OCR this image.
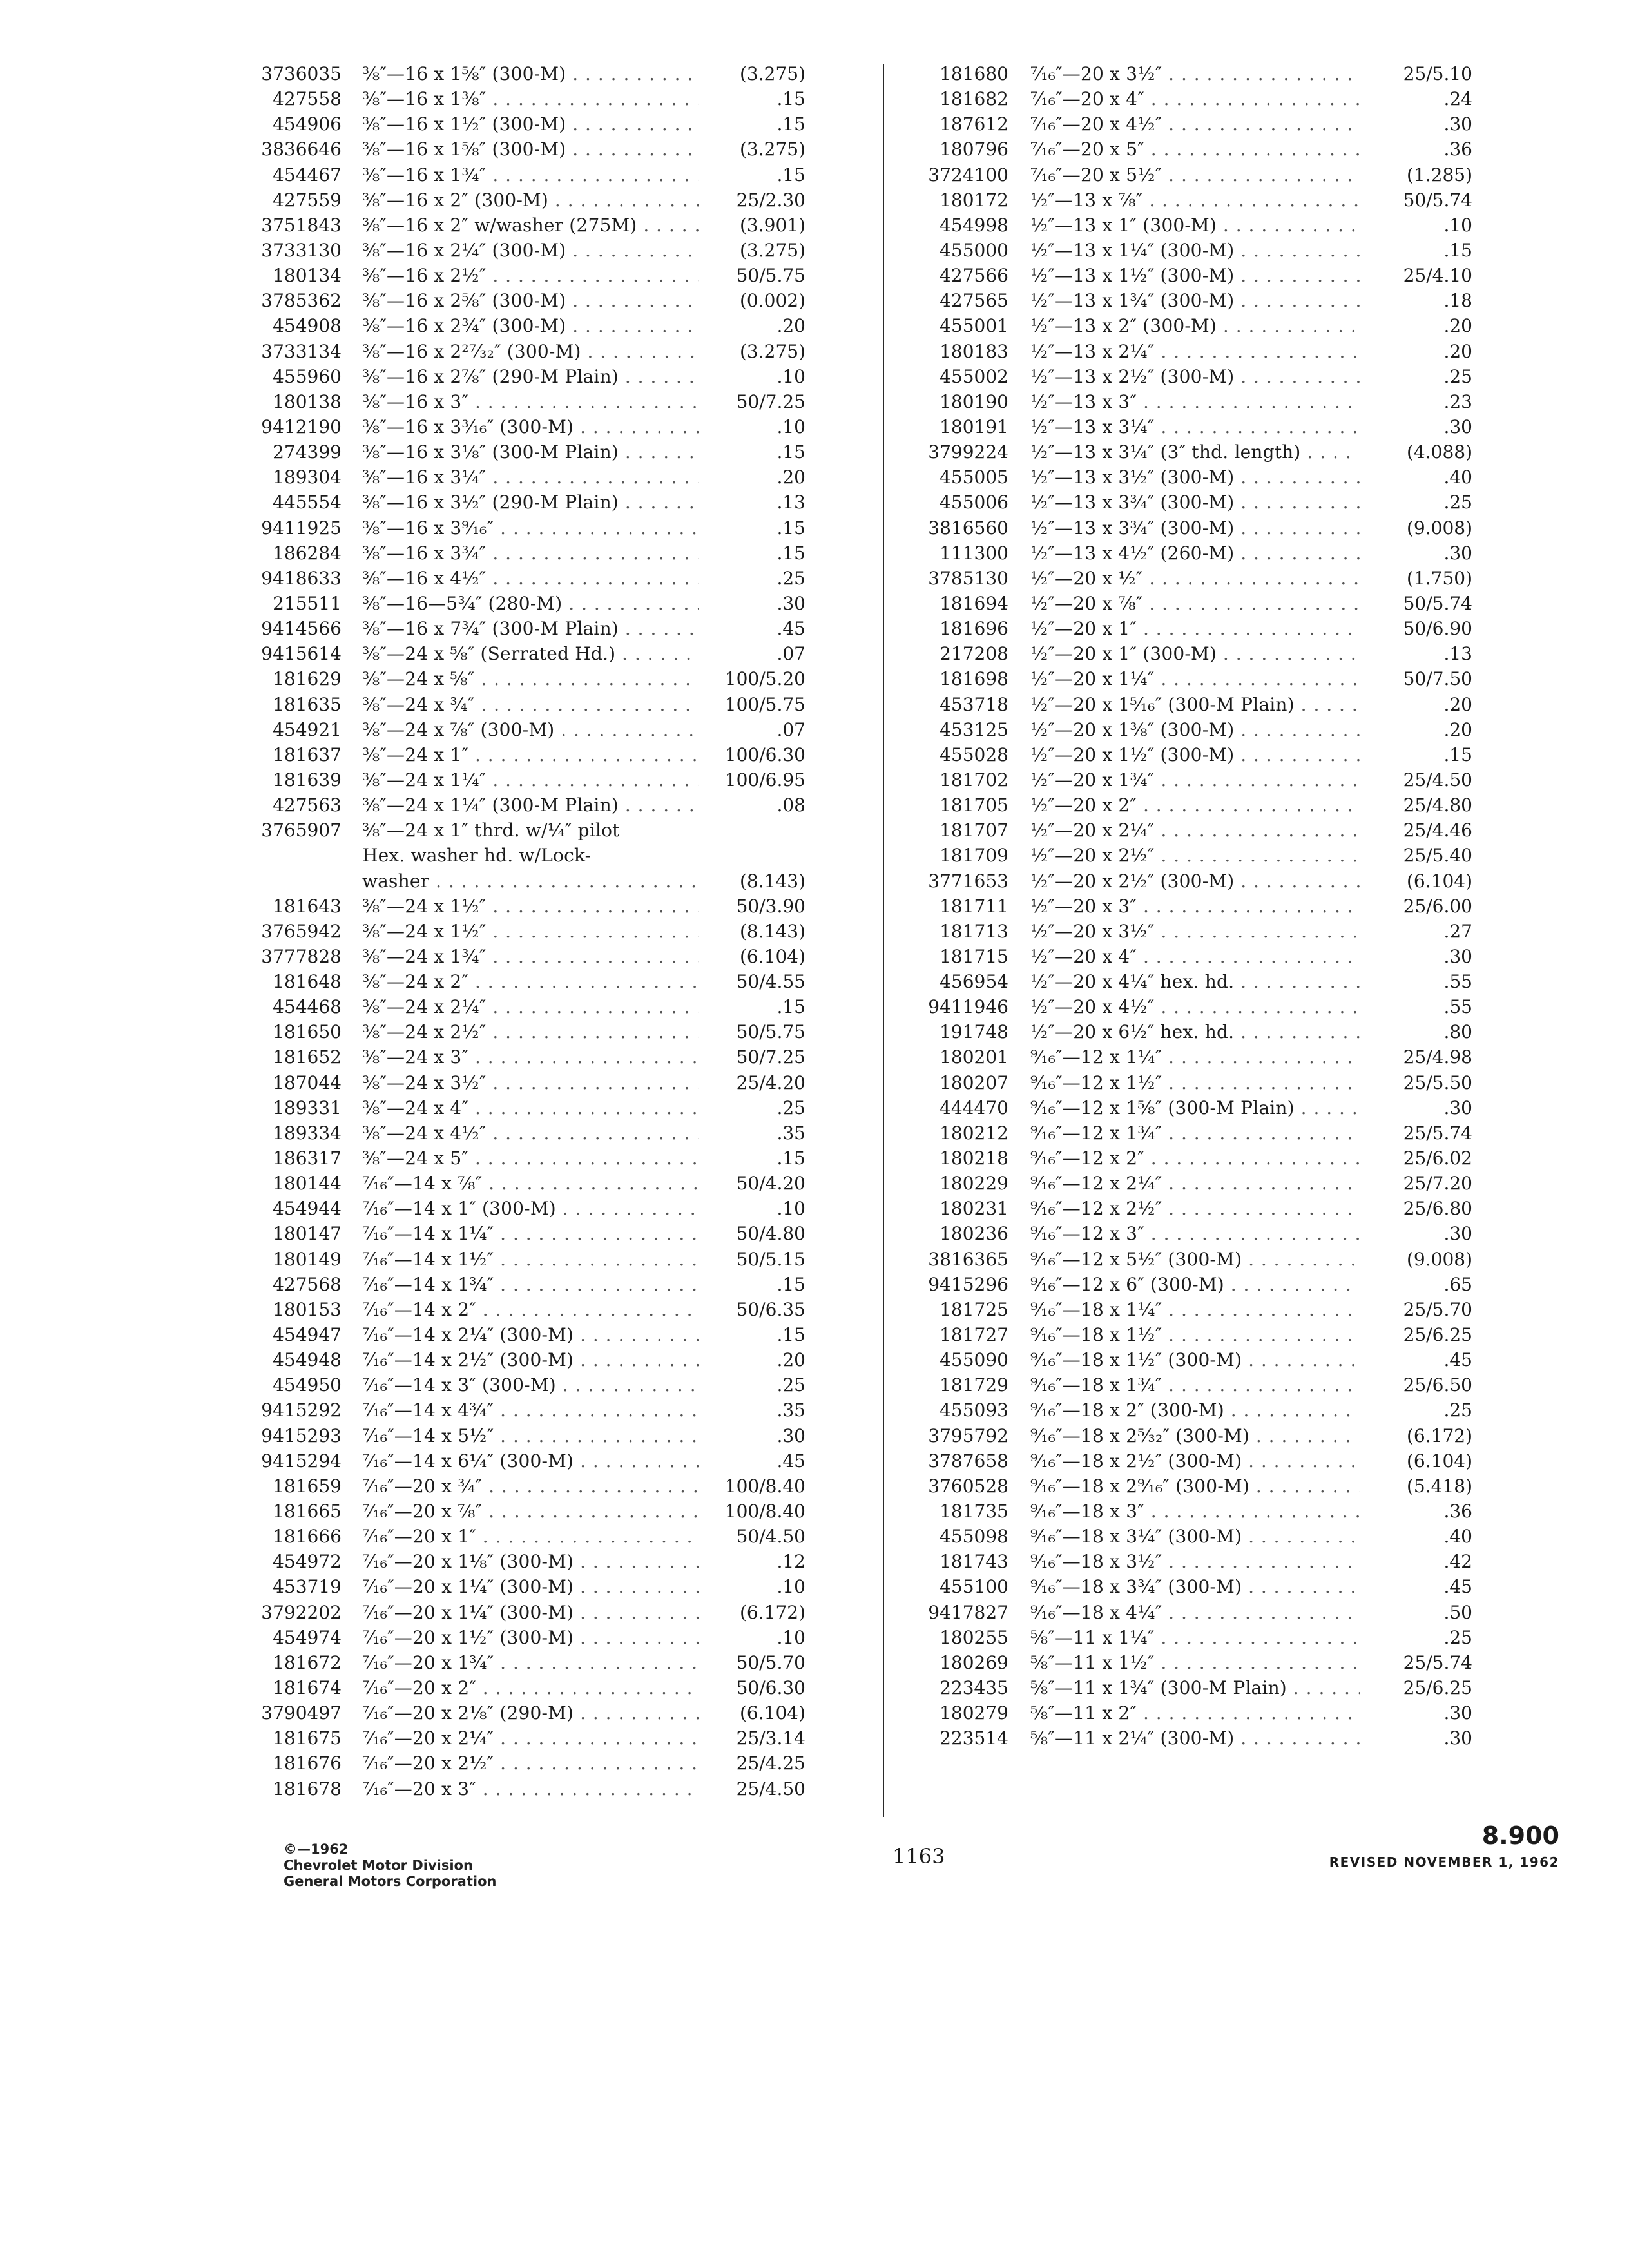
3736035 ⅜″—16 x 1⅝″ (300-M) . . .	(3.275)
427558 ⅜″—16 x 1⅜″ . . .	.15
454906 ⅜″—16 x 1½″ (300-M) . . .	.15
3836646 ⅜″—16 x 1⅝″ (300-M) . . .	(3.275)
454467 ⅜″—16 x 1¾″ . . .	.15
427559 ⅜″—16 x 2″ (300-M) . . .	25/2.30
3751843 ⅜″—16 x 2″ w/washer (275M) . . .	(3.901)
3733130 ⅜″—16 x 2¼″ (300-M) . . .	(3.275)
180134 ⅜″—16 x 2½″ . . .	50/5.75
3785362 ⅜″—16 x 2⅝″ (300-M) . . .	(0.002)
454908 ⅜″—16 x 2¾″ (300-M) . . .	.20
3733134 ⅜″—16 x 2²⁷⁄₃₂″ (300-M) . . .	(3.275)
455960 ⅜″—16 x 2⅞″ (290-M Plain) . . .	.10
180138 ⅜″—16 x 3″ . . .	50/7.25
9412190 ⅜″—16 x 3³⁄₁₆″ (300-M) . . .	.10
274399 ⅜″—16 x 3⅛″ (300-M Plain) . . .	.15
189304 ⅜″—16 x 3¼″ . . .	.20
445554 ⅜″—16 x 3½″ (290-M Plain) . . .	.13
9411925 ⅜″—16 x 3⁹⁄₁₆″ . . .	.15
186284 ⅜″—16 x 3¾″ . . .	.15
9418633 ⅜″—16 x 4½″ . . .	.25
215511 ⅜″—16—5¾″ (280-M) . . .	.30
9414566 ⅜″—16 x 7¾″ (300-M Plain) . . .	.45
9415614 ⅜″—24 x ⅝″ (Serrated Hd.) . . .	.07
181629 ⅜″—24 x ⅝″ . . .	100/5.20
181635 ⅜″—24 x ¾″ . . .	100/5.75
454921 ⅜″—24 x ⅞″ (300-M) . . .	.07
181637 ⅜″—24 x 1″ . . .	100/6.30
181639 ⅜″—24 x 1¼″ . . .	100/6.95
427563 ⅜″—24 x 1¼″ (300-M Plain) . . .	.08
3765907 ⅜″—24 x 1″ thrd. w/¼″ pilot
Hex. washer hd. w/Lock-
washer . . .	(8.143)
181643 ⅜″—24 x 1½″ . . .	50/3.90
3765942 ⅜″—24 x 1½″ . . .	(8.143)
3777828 ⅜″—24 x 1¾″ . . .	(6.104)
181648 ⅜″—24 x 2″ . . .	50/4.55
454468 ⅜″—24 x 2¼″ . . .	.15
181650 ⅜″—24 x 2½″ . . .	50/5.75
181652 ⅜″—24 x 3″ . . .	50/7.25
187044 ⅜″—24 x 3½″ . . .	25/4.20
189331 ⅜″—24 x 4″ . . .	.25
189334 ⅜″—24 x 4½″ . . .	.35
186317 ⅜″—24 x 5″ . . .	.15
180144 ⁷⁄₁₆″—14 x ⅞″ . . .	50/4.20
454944 ⁷⁄₁₆″—14 x 1″ (300-M) . . .	.10
180147 ⁷⁄₁₆″—14 x 1¼″ . . .	50/4.80
180149 ⁷⁄₁₆″—14 x 1½″ . . .	50/5.15
427568 ⁷⁄₁₆″—14 x 1¾″ . . .	.15
180153 ⁷⁄₁₆″—14 x 2″ . . .	50/6.35
454947 ⁷⁄₁₆″—14 x 2¼″ (300-M) . . .	.15
454948 ⁷⁄₁₆″—14 x 2½″ (300-M) . . .	.20
454950 ⁷⁄₁₆″—14 x 3″ (300-M) . . .	.25
9415292 ⁷⁄₁₆″—14 x 4¾″ . . .	.35
9415293 ⁷⁄₁₆″—14 x 5½″ . . .	.30
9415294 ⁷⁄₁₆″—14 x 6¼″ (300-M) . . .	.45
181659 ⁷⁄₁₆″—20 x ¾″ . . .	100/8.40
181665 ⁷⁄₁₆″—20 x ⅞″ . . .	100/8.40
181666 ⁷⁄₁₆″—20 x 1″ . . .	50/4.50
454972 ⁷⁄₁₆″—20 x 1⅛″ (300-M) . . .	.12
453719 ⁷⁄₁₆″—20 x 1¼″ (300-M) . . .	.10
3792202 ⁷⁄₁₆″—20 x 1¼″ (300-M) . . .	(6.172)
454974 ⁷⁄₁₆″—20 x 1½″ (300-M) . . .	.10
181672 ⁷⁄₁₆″—20 x 1¾″ . . .	50/5.70
181674 ⁷⁄₁₆″—20 x 2″ . . .	50/6.30
3790497 ⁷⁄₁₆″—20 x 2⅛″ (290-M) . . .	(6.104)
181675 ⁷⁄₁₆″—20 x 2¼″ . . .	25/3.14
181676 ⁷⁄₁₆″—20 x 2½″ . . .	25/4.25
181678 ⁷⁄₁₆″—20 x 3″ . . .	25/4.50
181680 ⁷⁄₁₆″—20 x 3½″ . . .	25/5.10
181682 ⁷⁄₁₆″—20 x 4″ . . .	.24
187612 ⁷⁄₁₆″—20 x 4½″ . . .	.30
180796 ⁷⁄₁₆″—20 x 5″ . . .	.36
3724100 ⁷⁄₁₆″—20 x 5½″ . . .	(1.285)
180172 ½″—13 x ⅞″ . . .	50/5.74
454998 ½″—13 x 1″ (300-M) . . .	.10
455000 ½″—13 x 1¼″ (300-M) . . .	.15
427566 ½″—13 x 1½″ (300-M) . . .	25/4.10
427565 ½″—13 x 1¾″ (300-M) . . .	.18
455001 ½″—13 x 2″ (300-M) . . .	.20
180183 ½″—13 x 2¼″ . . .	.20
455002 ½″—13 x 2½″ (300-M) . . .	.25
180190 ½″—13 x 3″ . . .	.23
180191 ½″—13 x 3¼″ . . .	.30
3799224 ½″—13 x 3¼″ (3″ thd. length) . . .	(4.088)
455005 ½″—13 x 3½″ (300-M) . . .	.40
455006 ½″—13 x 3¾″ (300-M) . . .	.25
3816560 ½″—13 x 3¾″ (300-M) . . .	(9.008)
111300 ½″—13 x 4½″ (260-M) . . .	.30
3785130 ½″—20 x ½″ . . .	(1.750)
181694 ½″—20 x ⅞″ . . .	50/5.74
181696 ½″—20 x 1″ . . .	50/6.90
217208 ½″—20 x 1″ (300-M) . . .	.13
181698 ½″—20 x 1¼″ . . .	50/7.50
453718 ½″—20 x 1⁵⁄₁₆″ (300-M Plain) . . .	.20
453125 ½″—20 x 1⅜″ (300-M) . . .	.20
455028 ½″—20 x 1½″ (300-M) . . .	.15
181702 ½″—20 x 1¾″ . . .	25/4.50
181705 ½″—20 x 2″ . . .	25/4.80
181707 ½″—20 x 2¼″ . . .	25/4.46
181709 ½″—20 x 2½″ . . .	25/5.40
3771653 ½″—20 x 2½″ (300-M) . . .	(6.104)
181711 ½″—20 x 3″ . . .	25/6.00
181713 ½″—20 x 3½″ . . .	.27
181715 ½″—20 x 4″ . . .	.30
456954 ½″—20 x 4¼″ hex. hd. . . .	.55
9411946 ½″—20 x 4½″ . . .	.55
191748 ½″—20 x 6½″ hex. hd. . . .	.80
180201 ⁹⁄₁₆″—12 x 1¼″ . . .	25/4.98
180207 ⁹⁄₁₆″—12 x 1½″ . . .	25/5.50
444470 ⁹⁄₁₆″—12 x 1⅝″ (300-M Plain) . . .	.30
180212 ⁹⁄₁₆″—12 x 1¾″ . . .	25/5.74
180218 ⁹⁄₁₆″—12 x 2″ . . .	25/6.02
180229 ⁹⁄₁₆″—12 x 2¼″ . . .	25/7.20
180231 ⁹⁄₁₆″—12 x 2½″ . . .	25/6.80
180236 ⁹⁄₁₆″—12 x 3″ . . .	.30
3816365 ⁹⁄₁₆″—12 x 5½″ (300-M) . . .	(9.008)
9415296 ⁹⁄₁₆″—12 x 6″ (300-M) . . .	.65
181725 ⁹⁄₁₆″—18 x 1¼″ . . .	25/5.70
181727 ⁹⁄₁₆″—18 x 1½″ . . .	25/6.25
455090 ⁹⁄₁₆″—18 x 1½″ (300-M) . . .	.45
181729 ⁹⁄₁₆″—18 x 1¾″ . . .	25/6.50
455093 ⁹⁄₁₆″—18 x 2″ (300-M) . . .	.25
3795792 ⁹⁄₁₆″—18 x 2⁵⁄₃₂″ (300-M) . . .	(6.172)
3787658 ⁹⁄₁₆″—18 x 2½″ (300-M) . . .	(6.104)
3760528 ⁹⁄₁₆″—18 x 2⁹⁄₁₆″ (300-M) . . .	(5.418)
181735 ⁹⁄₁₆″—18 x 3″ . . .	.36
455098 ⁹⁄₁₆″—18 x 3¼″ (300-M) . . .	.40
181743 ⁹⁄₁₆″—18 x 3½″ . . .	.42
455100 ⁹⁄₁₆″—18 x 3¾″ (300-M) . . .	.45
9417827 ⁹⁄₁₆″—18 x 4¼″ . . .	.50
180255 ⅝″—11 x 1¼″ . . .	.25
180269 ⅝″—11 x 1½″ . . .	25/5.74
223435 ⅝″—11 x 1¾″ (300-M Plain) . . .	25/6.25
180279 ⅝″—11 x 2″ . . .	.30
223514 ⅝″—11 x 2¼″ (300-M) . . .	.30
©—1962
Chevrolet Motor Division
General Motors Corporation
1163
8.900
REVISED NOVEMBER 1, 1962
